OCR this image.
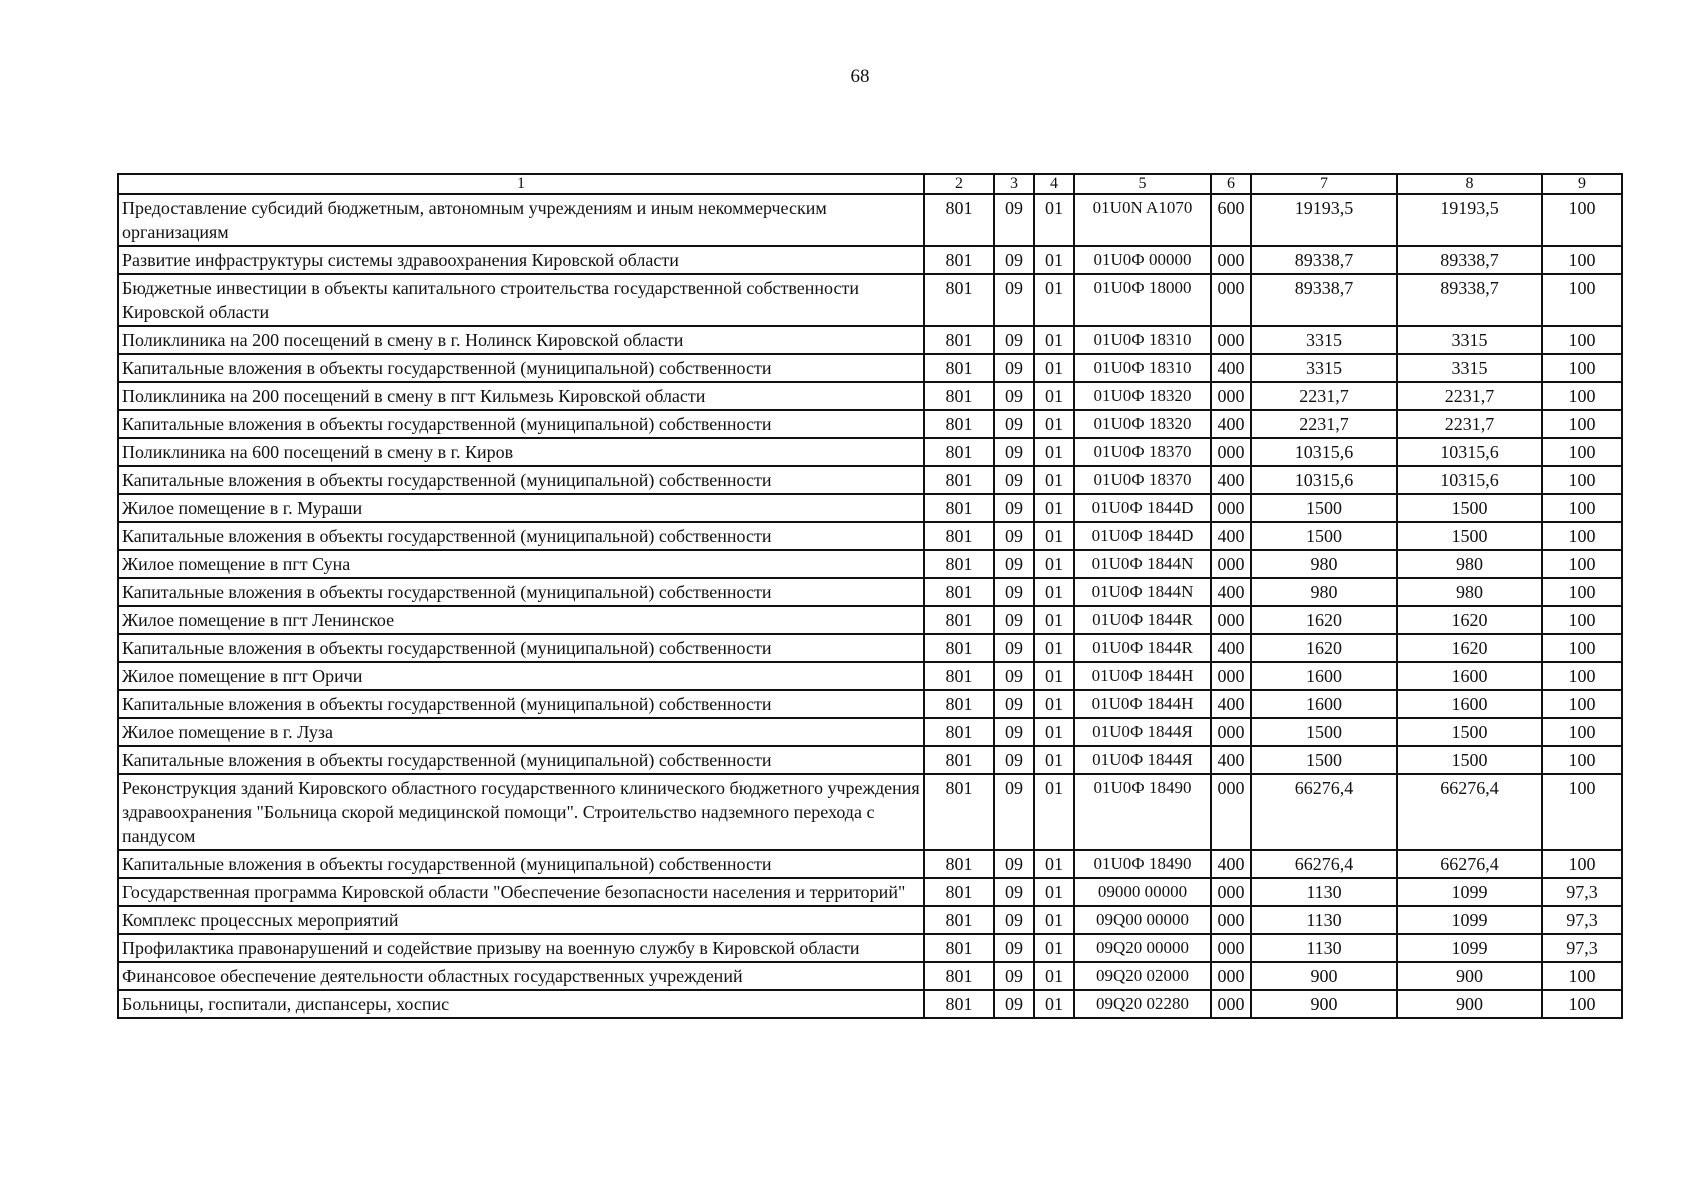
68
1	2	3	4	5	6	7	8	9
Предоставление субсидий бюджетным, автономным учреждениям и иным некоммерческим организациям	801	09	01	01U0N A1070	600	19193,5	19193,5	100
Развитие инфраструктуры системы здравоохранения Кировской области	801	09	01	01U0Ф 00000	000	89338,7	89338,7	100
Бюджетные инвестиции в объекты капитального строительства государственной собственности Кировской области	801	09	01	01U0Ф 18000	000	89338,7	89338,7	100
Поликлиника на 200 посещений в смену в г. Нолинск Кировской области	801	09	01	01U0Ф 18310	000	3315	3315	100
Капитальные вложения в объекты государственной (муниципальной) собственности	801	09	01	01U0Ф 18310	400	3315	3315	100
Поликлиника на 200 посещений в смену в пгт Кильмезь Кировской области	801	09	01	01U0Ф 18320	000	2231,7	2231,7	100
Капитальные вложения в объекты государственной (муниципальной) собственности	801	09	01	01U0Ф 18320	400	2231,7	2231,7	100
Поликлиника на 600 посещений в смену в г. Киров	801	09	01	01U0Ф 18370	000	10315,6	10315,6	100
Капитальные вложения в объекты государственной (муниципальной) собственности	801	09	01	01U0Ф 18370	400	10315,6	10315,6	100
Жилое помещение в г. Мураши	801	09	01	01U0Ф 1844D	000	1500	1500	100
Капитальные вложения в объекты государственной (муниципальной) собственности	801	09	01	01U0Ф 1844D	400	1500	1500	100
Жилое помещение в пгт Суна	801	09	01	01U0Ф 1844N	000	980	980	100
Капитальные вложения в объекты государственной (муниципальной) собственности	801	09	01	01U0Ф 1844N	400	980	980	100
Жилое помещение в пгт Ленинское	801	09	01	01U0Ф 1844R	000	1620	1620	100
Капитальные вложения в объекты государственной (муниципальной) собственности	801	09	01	01U0Ф 1844R	400	1620	1620	100
Жилое помещение в пгт Оричи	801	09	01	01U0Ф 1844H	000	1600	1600	100
Капитальные вложения в объекты государственной (муниципальной) собственности	801	09	01	01U0Ф 1844H	400	1600	1600	100
Жилое помещение в г. Луза	801	09	01	01U0Ф 1844Я	000	1500	1500	100
Капитальные вложения в объекты государственной (муниципальной) собственности	801	09	01	01U0Ф 1844Я	400	1500	1500	100
Реконструкция зданий Кировского областного государственного клинического бюджетного учреждения здравоохранения "Больница скорой медицинской помощи". Строительство надземного перехода с пандусом	801	09	01	01U0Ф 18490	000	66276,4	66276,4	100
Капитальные вложения в объекты государственной (муниципальной) собственности	801	09	01	01U0Ф 18490	400	66276,4	66276,4	100
Государственная программа Кировской области "Обеспечение безопасности населения и территорий"	801	09	01	09000 00000	000	1130	1099	97,3
Комплекс процессных мероприятий	801	09	01	09Q00 00000	000	1130	1099	97,3
Профилактика правонарушений и содействие призыву на военную службу в Кировской области	801	09	01	09Q20 00000	000	1130	1099	97,3
Финансовое обеспечение деятельности областных государственных учреждений	801	09	01	09Q20 02000	000	900	900	100
Больницы, госпитали, диспансеры, хоспис	801	09	01	09Q20 02280	000	900	900	100
